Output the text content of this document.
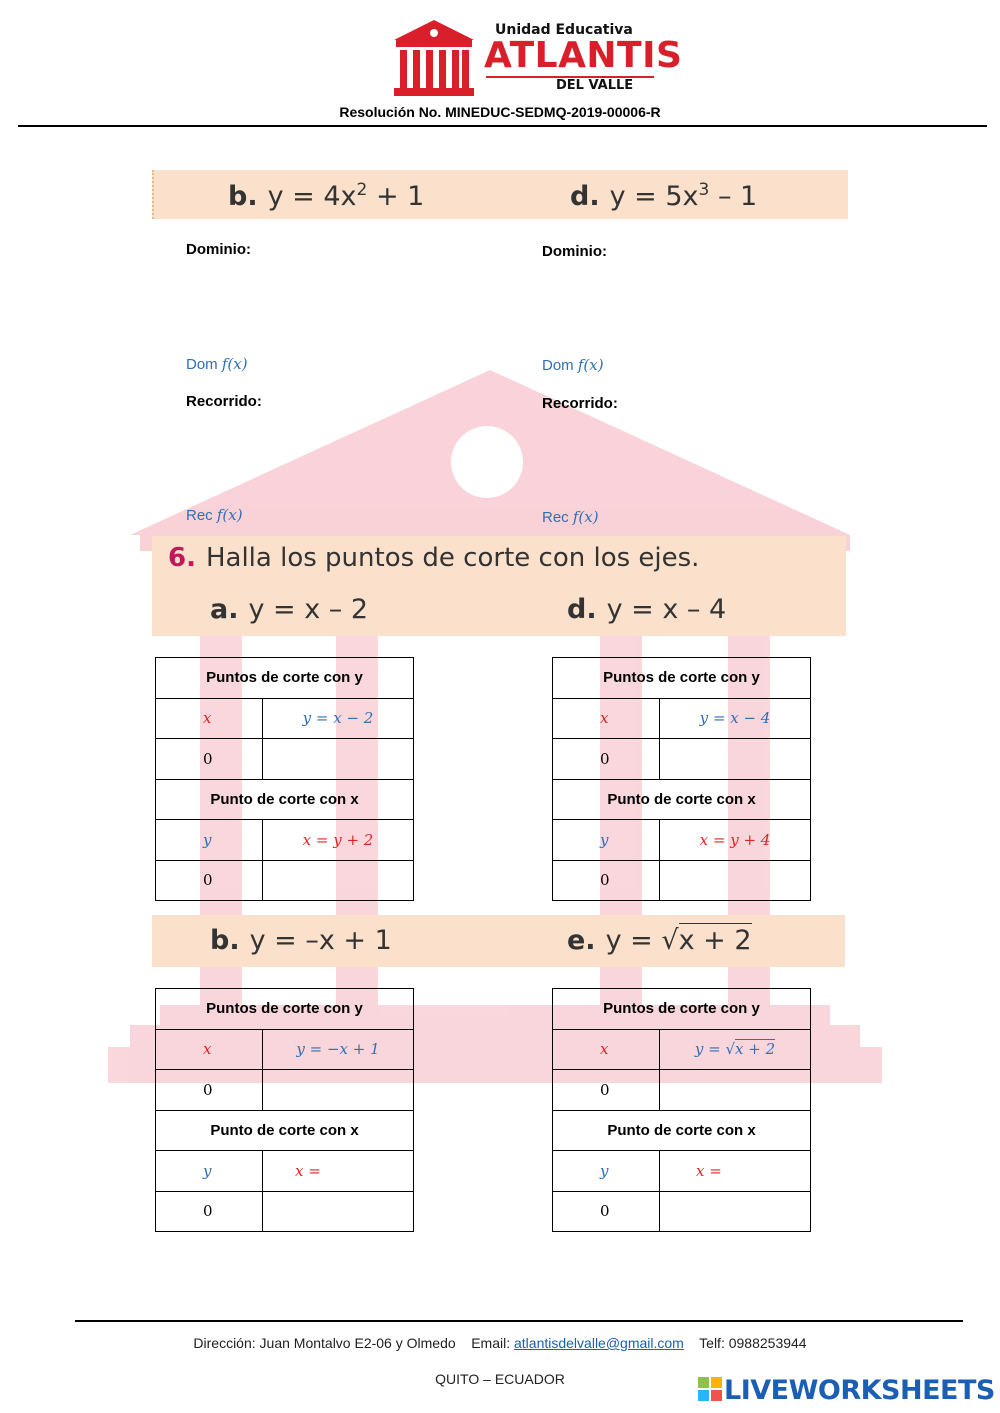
Unidad Educativa
ATLANTIS
DEL VALLE
Resolución No. MINEDUC-SEDMQ-2019-00006-R
b. $y = 4x^2 + 1$	d. $y = 5x^3 - 1$
Dominio:	Dominio:
Dom f(x)	Dom f(x)
Recorrido:	Recorrido:
Rec f(x)	Rec f(x)
6. Halla los puntos de corte con los ejes.
a. y = x – 2	d. y = x – 4
Puntos de corte con y	
x	y = x − 2
0	
Punto de corte con x	
y	x = y + 2
0	
Puntos de corte con y	
x	y = x − 4
0	
Punto de corte con x	
y	x = y + 4
0	
b. y = –x + 1	e. y = √x + 2
Puntos de corte con y	
x	y = −x + 1
0	
Punto de corte con x	
y	x =
0	
Puntos de corte con y	
x	y = √x + 2
0	
Punto de corte con x	
y	x =
0	
Dirección: Juan Montalvo E2-06 y Olmedo Email: atlantisdelvalle@gmail.com Telf: 0988253944
QUITO – ECUADOR	LIVEWORKSHEETS
